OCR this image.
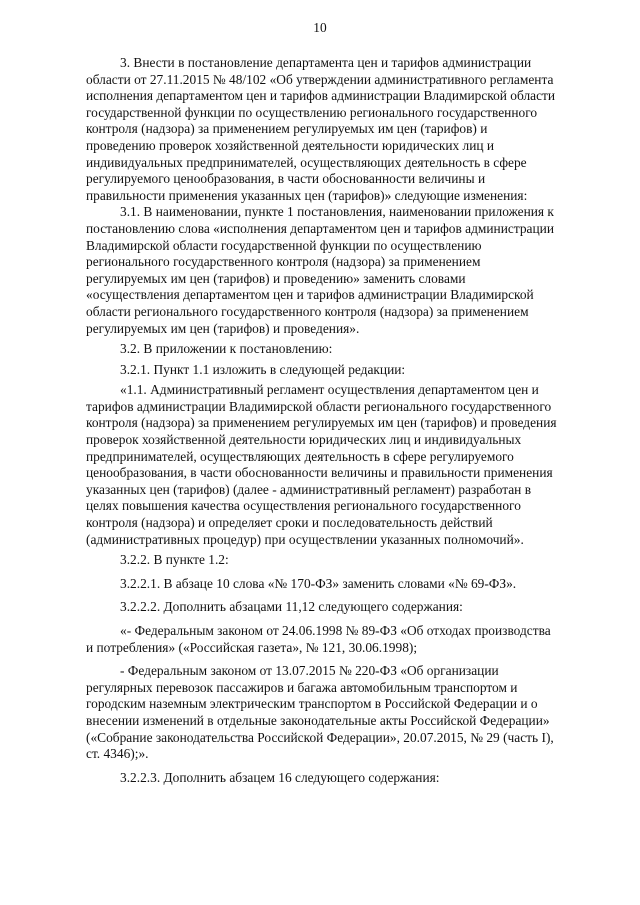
10

3. Внести в постановление департамента цен и тарифов администрации
области от 27.11.2015 № 48/102 «Об утверждении административного регламента
исполнения департаментом цен и тарифов администрации Владимирской области
государственной функции по осуществлению регионального государственного
контроля (надзора) за применением регулируемых им цен (тарифов) и
проведению проверок хозяйственной деятельности юридических лиц и
индивидуальных предпринимателей, осуществляющих деятельность в сфере
регулируемого ценообразования, в части обоснованности величины и
правильности применения указанных цен (тарифов)» следующие изменения:

3.1. В наименовании, пункте 1 постановления, наименовании приложения к
постановлению слова «исполнения департаментом цен и тарифов администрации
Владимирской области государственной функции по осуществлению
регионального государственного контроля (надзора) за применением
регулируемых им цен (тарифов) и проведению» заменить словами
«осуществления департаментом цен и тарифов администрации Владимирской
области регионального государственного контроля (надзора) за применением
регулируемых им цен (тарифов) и проведения».

3.2. В приложении к постановлению:

3.2.1. Пункт 1.1 изложить в следующей редакции:

«1.1. Административный регламент осуществления департаментом цен и
тарифов администрации Владимирской области регионального государственного
контроля (надзора) за применением регулируемых им цен (тарифов) и проведения
проверок хозяйственной деятельности юридических лиц и индивидуальных
предпринимателей, осуществляющих деятельность в сфере регулируемого
ценообразования, в части обоснованности величины и правильности применения
указанных цен (тарифов) (далее - административный регламент) разработан в
целях повышения качества осуществления регионального государственного
контроля (надзора) и определяет сроки и последовательность действий
(административных процедур) при осуществлении указанных полномочий».

3.2.2. В пункте 1.2:

3.2.2.1. В абзаце 10 слова «№ 170-ФЗ» заменить словами «№ 69-ФЗ».

3.2.2.2. Дополнить абзацами 11,12 следующего содержания:

«- Федеральным законом от 24.06.1998 № 89-ФЗ «Об отходах производства
и потребления» («Российская газета», № 121, 30.06.1998);

- Федеральным законом от 13.07.2015 № 220-ФЗ «Об организации
регулярных перевозок пассажиров и багажа автомобильным транспортом и
городским наземным электрическим транспортом в Российской Федерации и о
внесении изменений в отдельные законодательные акты Российской Федерации»
(«Собрание законодательства Российской Федерации», 20.07.2015, № 29 (часть I),
ст. 4346);».

3.2.2.3. Дополнить абзацем 16 следующего содержания:
